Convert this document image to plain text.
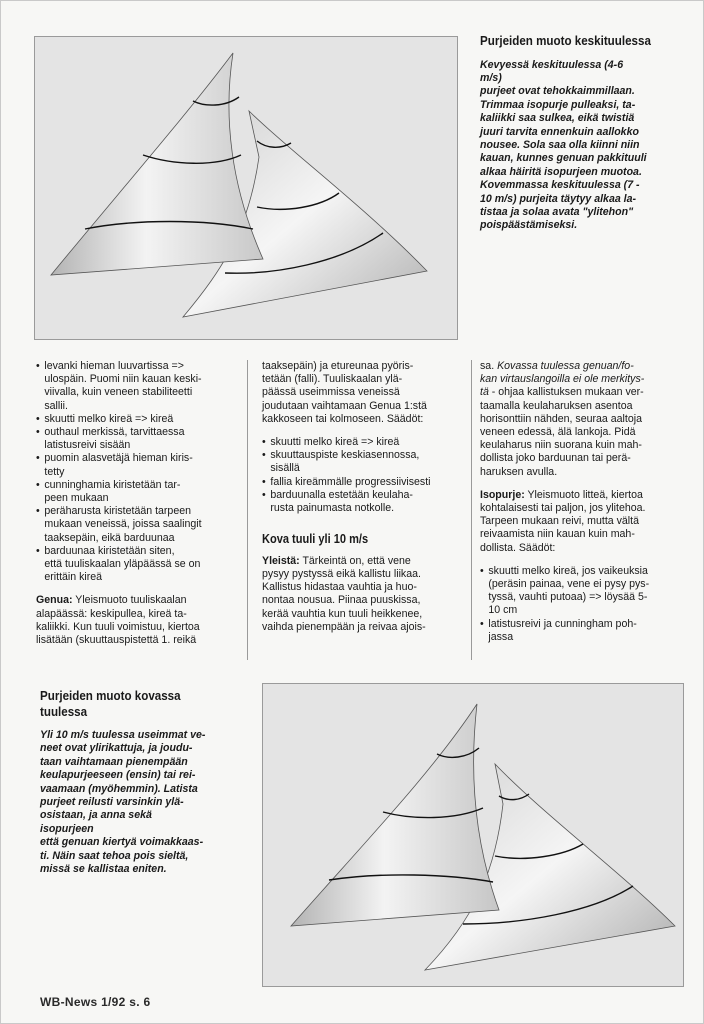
Purjeiden muoto keskituulessa
Kevyessä keskituulessa (4-6 m/s)
purjeet ovat tehokkaimmillaan.
Trimmaa isopurje pulleaksi, ta-
kaliikki saa sulkea, eikä twistiä
juuri tarvita ennenkuin aallokko
nousee. Sola saa olla kiinni niin
kauan, kunnes genuan pakkituuli
alkaa häiritä isopurjeen muotoa.
Kovemmassa keskituulessa (7 -
10 m/s) purjeita täytyy alkaa la-
tistaa ja solaa avata "ylitehon"
poispäästämiseksi.
• levanki hieman luuvartissa =>
ulospäin. Puomi niin kauan keski-
viivalla, kuin veneen stabiliteetti
sallii.
• skuutti melko kireä => kireä
• outhaul merkissä, tarvittaessa
latistusreivi sisään
• puomin alasvetäjä hieman kiris-
tetty
• cunninghamia kiristetään tar-
peen mukaan
• peräharusta kiristetään tarpeen
mukaan veneissä, joissa saalingit
taaksepäin, eikä barduunaa
• barduunaa kiristetään siten,
että tuuliskaalan yläpäässä se on
erittäin kireä

Genua: Yleismuoto tuuliskaalan
alapäässä: keskipullea, kireä ta-
kaliikki. Kun tuuli voimistuu, kiertoa
lisätään (skuuttauspistettä 1. reikä

taaksepäin) ja etureunaa pyöris-
tetään (falli). Tuuliskaalan ylä-
päässä useimmissa veneissä
joudutaan vaihtamaan Genua 1:stä
kakkoseen tai kolmoseen. Säädöt:

• skuutti melko kireä => kireä
• skuuttauspiste keskiasennossa,
sisällä
• fallia kireämmälle progressiivisesti
• barduunalla estetään keulaha-
rusta painumasta notkolle.
Kova tuuli yli 10 m/s

Yleistä: Tärkeintä on, että vene
pysyy pystyssä eikä kallistu liikaa.
Kallistus hidastaa vauhtia ja huo-
nontaa nousua. Piinaa puuskissa,
kerää vauhtia kun tuuli heikkenee,
vaihda pienempään ja reivaa ajois-

sa. Kovassa tuulessa genuan/fo-
kan virtauslangoilla ei ole merkitys-
tä - ohjaa kallistuksen mukaan ver-
taamalla keulaharuksen asentoa
horisonttiin nähden, seuraa aaltoja
veneen edessä, älä lankoja. Pidä
keulaharus niin suorana kuin mah-
dollista joko barduunan tai perä-
haruksen avulla.

Isopurje: Yleismuoto litteä, kiertoa
kohtalaisesti tai paljon, jos ylitehoa.
Tarpeen mukaan reivi, mutta vältä
reivaamista niin kauan kuin mah-
dollista. Säädöt:

• skuutti melko kireä, jos vaikeuksia
(peräsin painaa, vene ei pysy pys-
tyssä, vauhti putoaa) => löysää 5-
10 cm
• latistusreivi ja cunningham poh-
jassa
Purjeiden muoto kovassa
tuulessa
Yli 10 m/s tuulessa useimmat ve-
neet ovat ylirikattuja, ja joudu-
taan vaihtamaan pienempään
keulapurjeeseen (ensin) tai rei-
vaamaan (myöhemmin). Latista
purjeet reilusti varsinkin ylä-
osistaan, ja anna sekä isopurjeen
että genuan kiertyä voimakkaas-
ti. Näin saat tehoa pois sieltä,
missä se kallistaa eniten.
WB-News 1/92 s. 6
